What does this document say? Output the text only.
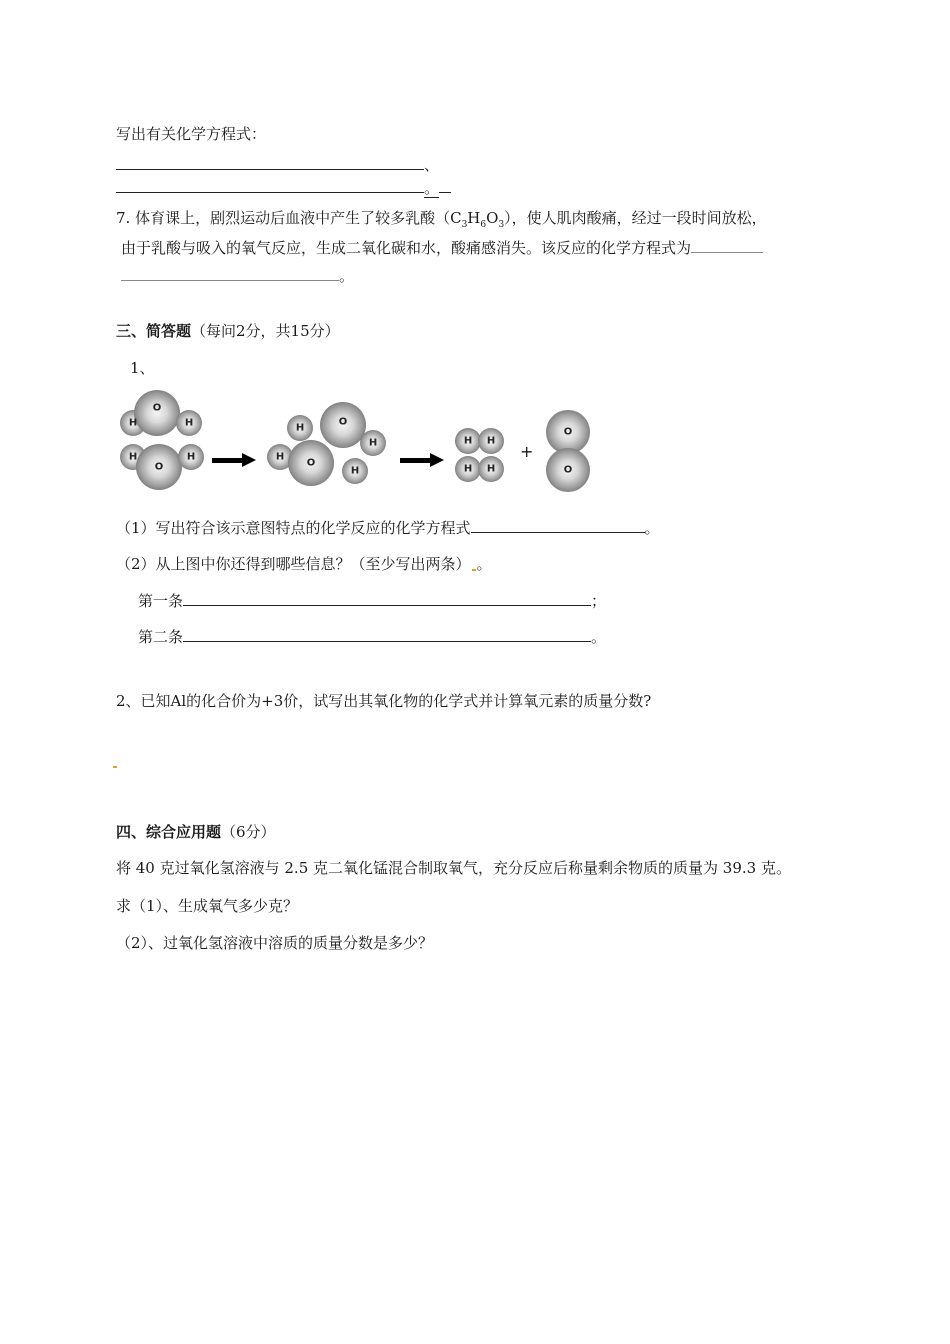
写出有关化学方程式：
、
。
7. 体育课上，剧烈运动后血液中产生了较多乳酸$(C_3H_6O_3)$，使人肌肉酸痛，经过一段时间放松，
由于乳酸与吸入的氧气反应，生成二氧化碳和水，酸痛感消失。该反应的化学方程式为
。
三、简答题（每问2分，共15分）
1、
H
O
H
H
O
H
H
O
H
H
O
H
H H
H H
+
O
O
（1）写出符合该示意图特点的化学反应的化学方程式	。
（2）从上图中你还得到哪些信息？（至少写出两条） 。
第一条	；
第二条	。
2、已知Al的化合价为+3价，试写出其氧化物的化学式并计算氧元素的质量分数?
四、综合应用题（6分）
将 40 克过氧化氢溶液与 2.5 克二氧化锰混合制取氧气，充分反应后称量剩余物质的质量为 39.3 克。
求（1）、生成氧气多少克？
（2）、过氧化氢溶液中溶质的质量分数是多少？
